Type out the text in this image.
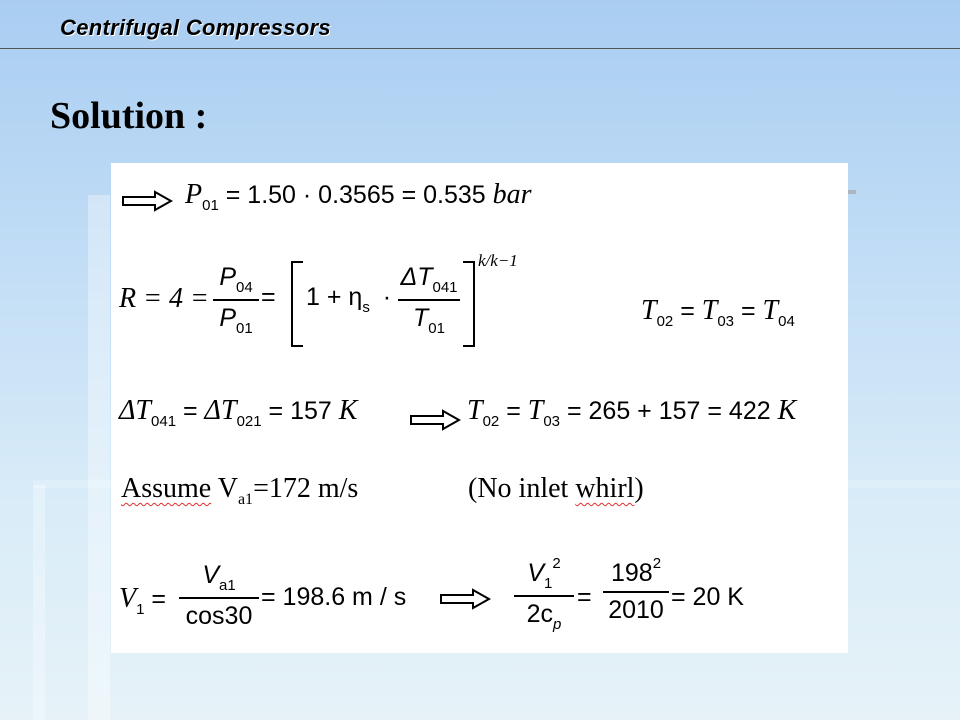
Centrifugal Compressors
Solution :
$P_{01} = 1.50 \cdot 0.3565 = 0.535$ bar
R = 4 =
$P_{04}$
$P_{01}$
= $1 + \eta_s$ ·
$\Delta T_{041}$
$T_{01}$
k/k−1
$T_{02} = T_{03} = T_{04}$
$\Delta T_{041} = \Delta T_{021} = 157$ K	$T_{02} = T_{03} = 265 + 157 = 422$ K
Assume $V_{a1}=172$ m/s	(No inlet whirl)
$V_1$ =
$V_{a1}$
cos30
= 198.6 m / s
$V_1^2$
$2c_p$
=
$198^2$
2010 = 20 K
